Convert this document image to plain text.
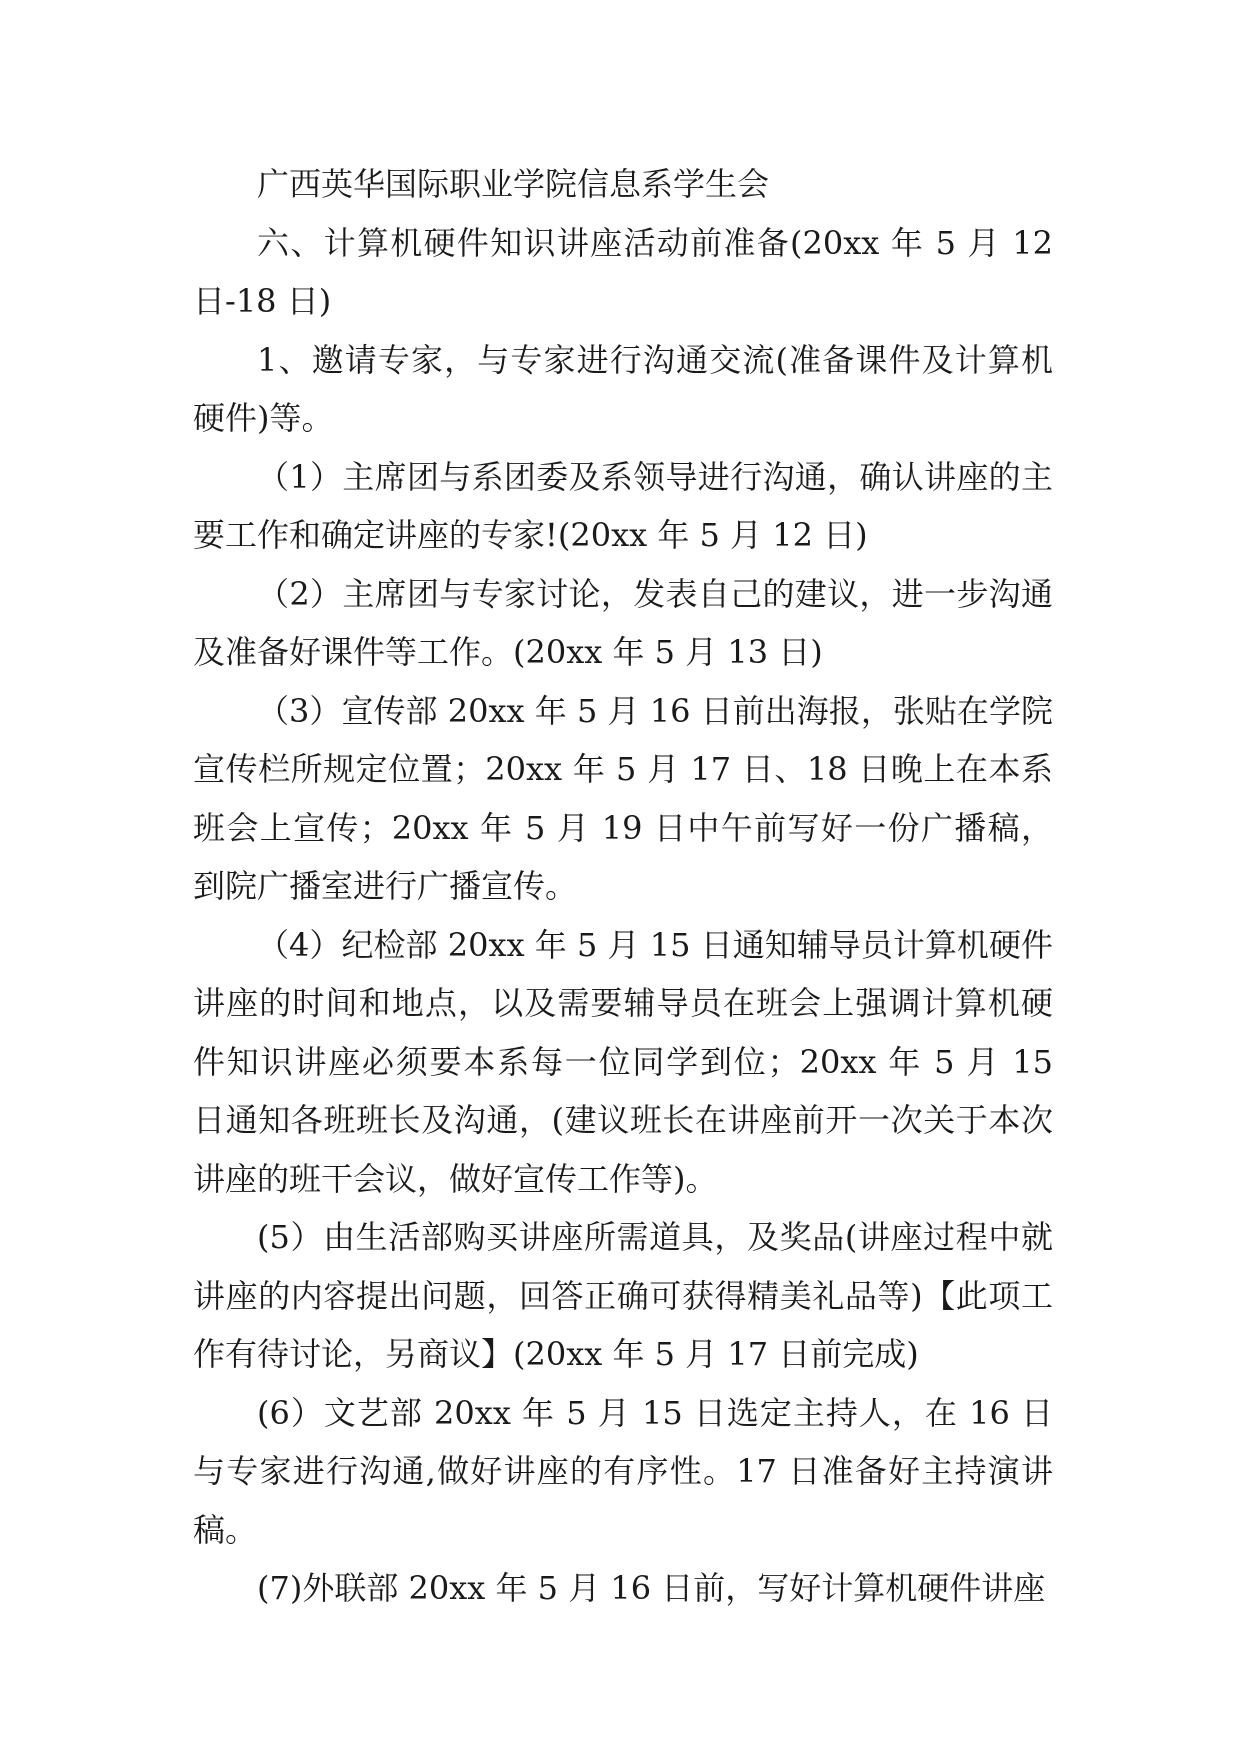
广西英华国际职业学院信息系学生会

六、计算机硬件知识讲座活动前准备(20xx 年 5 月 12 日-18 日)

1、邀请专家，与专家进行沟通交流(准备课件及计算机硬件)等。

（1）主席团与系团委及系领导进行沟通，确认讲座的主要工作和确定讲座的专家!(20xx 年 5 月 12 日)

（2）主席团与专家讨论，发表自己的建议，进一步沟通及准备好课件等工作。(20xx 年 5 月 13 日)

（3）宣传部 20xx 年 5 月 16 日前出海报，张贴在学院宣传栏所规定位置；20xx 年 5 月 17 日、18 日晚上在本系班会上宣传；20xx 年 5 月 19 日中午前写好一份广播稿，到院广播室进行广播宣传。

（4）纪检部 20xx 年 5 月 15 日通知辅导员计算机硬件讲座的时间和地点，以及需要辅导员在班会上强调计算机硬件知识讲座必须要本系每一位同学到位；20xx 年 5 月 15 日通知各班班长及沟通，(建议班长在讲座前开一次关于本次讲座的班干会议，做好宣传工作等)。

(5）由生活部购买讲座所需道具，及奖品(讲座过程中就讲座的内容提出问题，回答正确可获得精美礼品等)【此项工作有待讨论，另商议】(20xx 年 5 月 17 日前完成)

(6）文艺部 20xx 年 5 月 15 日选定主持人，在 16 日与专家进行沟通,做好讲座的有序性。17 日准备好主持演讲稿。

(7)外联部 20xx 年 5 月 16 日前，写好计算机硬件讲座
